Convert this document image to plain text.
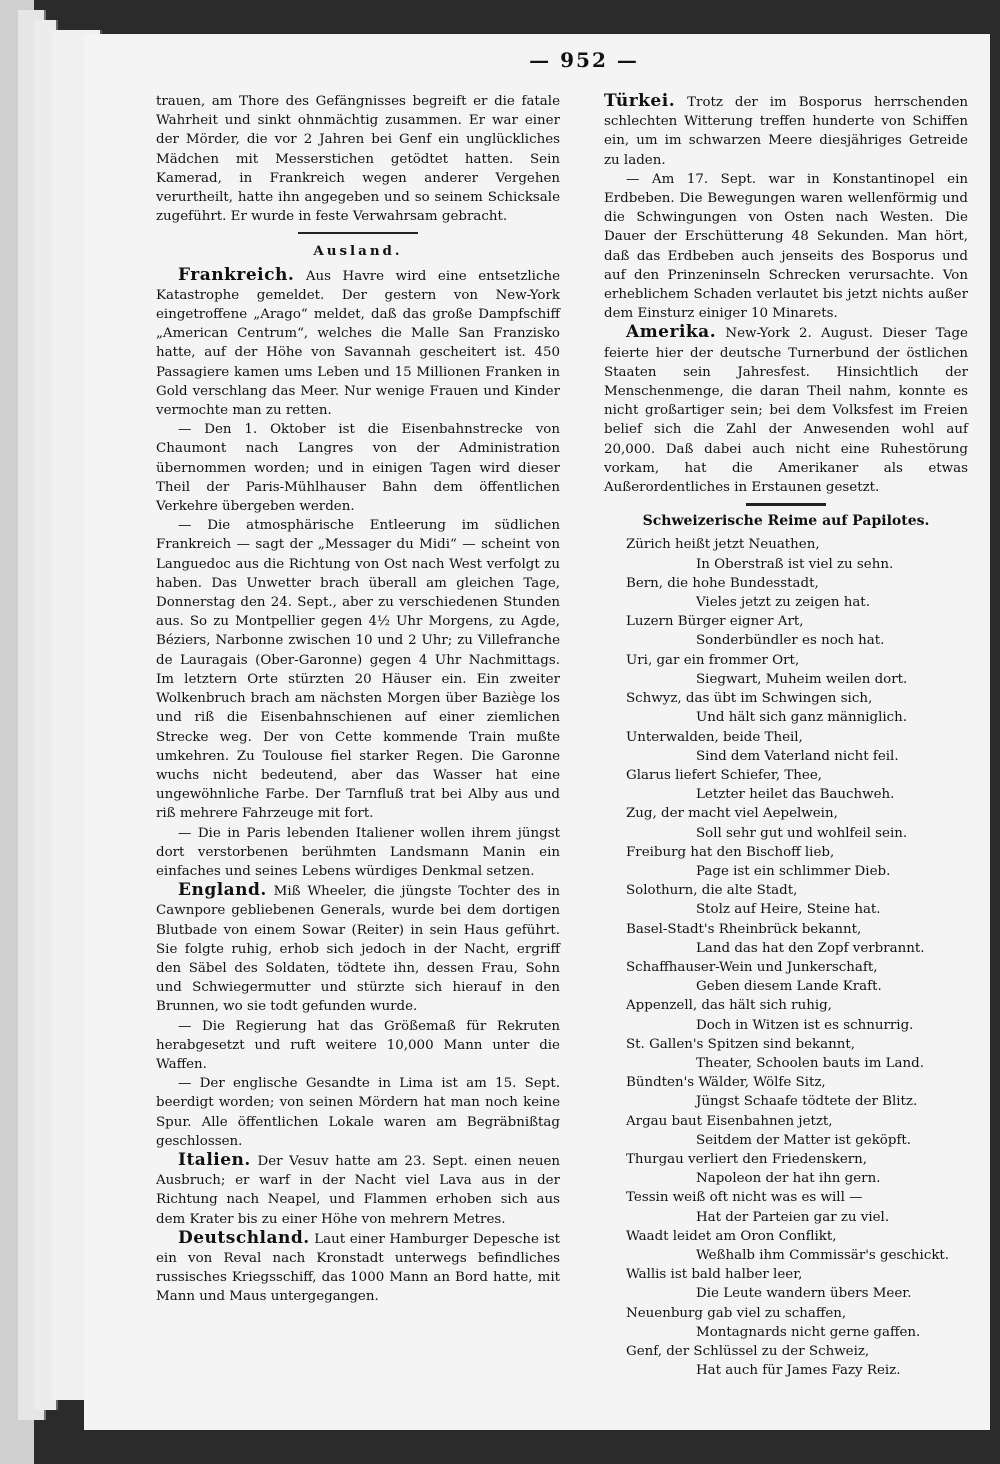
— 952 —

trauen, am Thore des Gefängnisses begreift er die fatale Wahrheit und sinkt ohnmächtig zusammen. Er war einer der Mörder, die vor 2 Jahren bei Genf ein unglückliches Mädchen mit Messerstichen getödtet hatten. Sein Kamerad, in Frankreich wegen anderer Vergehen verurtheilt, hatte ihn angegeben und so seinem Schicksale zugeführt. Er wurde in feste Verwahrsam gebracht.

Ausland.

Frankreich. Aus Havre wird eine entsetzliche Katastrophe gemeldet. Der gestern von New-York eingetroffene „Arago“ meldet, daß das große Dampfschiff „American Centrum“, welches die Malle San Franzisko hatte, auf der Höhe von Savannah gescheitert ist. 450 Passagiere kamen ums Leben und 15 Millionen Franken in Gold verschlang das Meer. Nur wenige Frauen und Kinder vermochte man zu retten.

— Den 1. Oktober ist die Eisenbahnstrecke von Chaumont nach Langres von der Administration übernommen worden; und in einigen Tagen wird dieser Theil der Paris-Mühlhauser Bahn dem öffentlichen Verkehre übergeben werden.

— Die atmosphärische Entleerung im südlichen Frankreich — sagt der „Messager du Midi“ — scheint von Languedoc aus die Richtung von Ost nach West verfolgt zu haben. Das Unwetter brach überall am gleichen Tage, Donnerstag den 24. Sept., aber zu verschiedenen Stunden aus. So zu Montpellier gegen 4½ Uhr Morgens, zu Agde, Béziers, Narbonne zwischen 10 und 2 Uhr; zu Villefranche de Lauragais (Ober-Garonne) gegen 4 Uhr Nachmittags. Im letztern Orte stürzten 20 Häuser ein. Ein zweiter Wolkenbruch brach am nächsten Morgen über Baziège los und riß die Eisenbahnschienen auf einer ziemlichen Strecke weg. Der von Cette kommende Train mußte umkehren. Zu Toulouse fiel starker Regen. Die Garonne wuchs nicht bedeutend, aber das Wasser hat eine ungewöhnliche Farbe. Der Tarnfluß trat bei Alby aus und riß mehrere Fahrzeuge mit fort.

— Die in Paris lebenden Italiener wollen ihrem jüngst dort verstorbenen berühmten Landsmann Manin ein einfaches und seines Lebens würdiges Denkmal setzen.

England. Miß Wheeler, die jüngste Tochter des in Cawnpore gebliebenen Generals, wurde bei dem dortigen Blutbade von einem Sowar (Reiter) in sein Haus geführt. Sie folgte ruhig, erhob sich jedoch in der Nacht, ergriff den Säbel des Soldaten, tödtete ihn, dessen Frau, Sohn und Schwiegermutter und stürzte sich hierauf in den Brunnen, wo sie todt gefunden wurde.

— Die Regierung hat das Größemaß für Rekruten herabgesetzt und ruft weitere 10,000 Mann unter die Waffen.

— Der englische Gesandte in Lima ist am 15. Sept. beerdigt worden; von seinen Mördern hat man noch keine Spur. Alle öffentlichen Lokale waren am Begräbnißtag geschlossen.

Italien. Der Vesuv hatte am 23. Sept. einen neuen Ausbruch; er warf in der Nacht viel Lava aus in der Richtung nach Neapel, und Flammen erhoben sich aus dem Krater bis zu einer Höhe von mehrern Metres.

Deutschland. Laut einer Hamburger Depesche ist ein von Reval nach Kronstadt unterwegs befindliches russisches Kriegsschiff, das 1000 Mann an Bord hatte, mit Mann und Maus untergegangen.

Türkei. Trotz der im Bosporus herrschenden schlechten Witterung treffen hunderte von Schiffen ein, um im schwarzen Meere diesjähriges Getreide zu laden.

— Am 17. Sept. war in Konstantinopel ein Erdbeben. Die Bewegungen waren wellenförmig und die Schwingungen von Osten nach Westen. Die Dauer der Erschütterung 48 Sekunden. Man hört, daß das Erdbeben auch jenseits des Bosporus und auf den Prinzeninseln Schrecken verursachte. Von erheblichem Schaden verlautet bis jetzt nichts außer dem Einsturz einiger 10 Minarets.

Amerika. New-York 2. August. Dieser Tage feierte hier der deutsche Turnerbund der östlichen Staaten sein Jahresfest. Hinsichtlich der Menschenmenge, die daran Theil nahm, konnte es nicht großartiger sein; bei dem Volksfest im Freien belief sich die Zahl der Anwesenden wohl auf 20,000. Daß dabei auch nicht eine Ruhestörung vorkam, hat die Amerikaner als etwas Außerordentliches in Erstaunen gesetzt.

Schweizerische Reime auf Papilotes.
Zürich heißt jetzt Neuathen,
In Oberstraß ist viel zu sehn.
Bern, die hohe Bundesstadt,
Vieles jetzt zu zeigen hat.
Luzern Bürger eigner Art,
Sonderbündler es noch hat.
Uri, gar ein frommer Ort,
Siegwart, Muheim weilen dort.
Schwyz, das übt im Schwingen sich,
Und hält sich ganz männiglich.
Unterwalden, beide Theil,
Sind dem Vaterland nicht feil.
Glarus liefert Schiefer, Thee,
Letzter heilet das Bauchweh.
Zug, der macht viel Aepelwein,
Soll sehr gut und wohlfeil sein.
Freiburg hat den Bischoff lieb,
Page ist ein schlimmer Dieb.
Solothurn, die alte Stadt,
Stolz auf Heire, Steine hat.
Basel-Stadt's Rheinbrück bekannt,
Land das hat den Zopf verbrannt.
Schaffhauser-Wein und Junkerschaft,
Geben diesem Lande Kraft.
Appenzell, das hält sich ruhig,
Doch in Witzen ist es schnurrig.
St. Gallen's Spitzen sind bekannt,
Theater, Schoolen bauts im Land.
Bündten's Wälder, Wölfe Sitz,
Jüngst Schaafe tödtete der Blitz.
Argau baut Eisenbahnen jetzt,
Seitdem der Matter ist geköpft.
Thurgau verliert den Friedenskern,
Napoleon der hat ihn gern.
Tessin weiß oft nicht was es will —
Hat der Parteien gar zu viel.
Waadt leidet am Oron Conflikt,
Weßhalb ihm Commissär's geschickt.
Wallis ist bald halber leer,
Die Leute wandern übers Meer.
Neuenburg gab viel zu schaffen,
Montagnards nicht gerne gaffen.
Genf, der Schlüssel zu der Schweiz,
Hat auch für James Fazy Reiz.
